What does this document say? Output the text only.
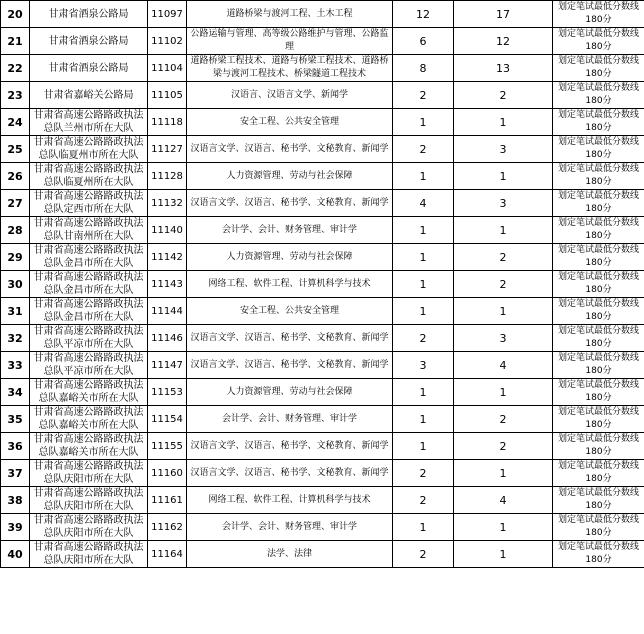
20	甘肃省酒泉公路局	11097	道路桥梁与渡河工程、土木工程	12	17	划定笔试最低分数线180分
21	甘肃省酒泉公路局	11102	公路运输与管理、高等级公路维护与管理、公路监理	6	12	划定笔试最低分数线180分
22	甘肃省酒泉公路局	11104	道路桥梁工程技术、道路与桥梁工程技术、道路桥梁与渡河工程技术、桥梁隧道工程技术	8	13	划定笔试最低分数线180分
23	甘肃省嘉峪关公路局	11105	汉语言、汉语言文学、新闻学	2	2	划定笔试最低分数线180分
24	甘肃省高速公路路政执法总队兰州市所在大队	11118	安全工程、公共安全管理	1	1	划定笔试最低分数线180分
25	甘肃省高速公路路政执法总队临夏州市所在大队	11127	汉语言文学、汉语言、秘书学、文秘教育、新闻学	2	3	划定笔试最低分数线180分
26	甘肃省高速公路路政执法总队临夏州所在大队	11128	人力资源管理、劳动与社会保障	1	1	划定笔试最低分数线180分
27	甘肃省高速公路路政执法总队定西市所在大队	11132	汉语言文学、汉语言、秘书学、文秘教育、新闻学	4	3	划定笔试最低分数线180分
28	甘肃省高速公路路政执法总队甘南州所在大队	11140	会计学、会计、财务管理、审计学	1	1	划定笔试最低分数线180分
29	甘肃省高速公路路政执法总队金昌市所在大队	11142	人力资源管理、劳动与社会保障	1	2	划定笔试最低分数线180分
30	甘肃省高速公路路政执法总队金昌市所在大队	11143	网络工程、软件工程、计算机科学与技术	1	2	划定笔试最低分数线180分
31	甘肃省高速公路路政执法总队金昌市所在大队	11144	安全工程、公共安全管理	1	1	划定笔试最低分数线180分
32	甘肃省高速公路路政执法总队平凉市所在大队	11146	汉语言文学、汉语言、秘书学、文秘教育、新闻学	2	3	划定笔试最低分数线180分
33	甘肃省高速公路路政执法总队平凉市所在大队	11147	汉语言文学、汉语言、秘书学、文秘教育、新闻学	3	4	划定笔试最低分数线180分
34	甘肃省高速公路路政执法总队嘉峪关市所在大队	11153	人力资源管理、劳动与社会保障	1	1	划定笔试最低分数线180分
35	甘肃省高速公路路政执法总队嘉峪关市所在大队	11154	会计学、会计、财务管理、审计学	1	2	划定笔试最低分数线180分
36	甘肃省高速公路路政执法总队嘉峪关市所在大队	11155	汉语言文学、汉语言、秘书学、文秘教育、新闻学	1	2	划定笔试最低分数线180分
37	甘肃省高速公路路政执法总队庆阳市所在大队	11160	汉语言文学、汉语言、秘书学、文秘教育、新闻学	2	1	划定笔试最低分数线180分
38	甘肃省高速公路路政执法总队庆阳市所在大队	11161	网络工程、软件工程、计算机科学与技术	2	4	划定笔试最低分数线180分
39	甘肃省高速公路路政执法总队庆阳市所在大队	11162	会计学、会计、财务管理、审计学	1	1	划定笔试最低分数线180分
40	甘肃省高速公路路政执法总队庆阳市所在大队	11164	法学、法律	2	1	划定笔试最低分数线180分
